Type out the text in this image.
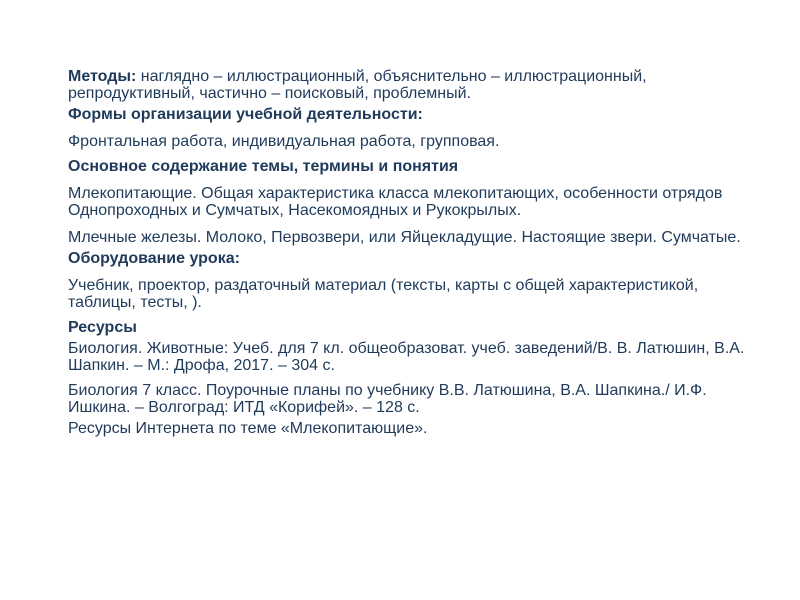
Методы: наглядно – иллюстрационный, объяснительно – иллюстрационный, репродуктивный, частично – поисковый, проблемный.

Формы организации учебной деятельности:

Фронтальная работа, индивидуальная работа, групповая.

Основное содержание темы, термины и понятия

Млекопитающие. Общая характеристика класса млекопитающих, особенности отрядов Однопроходных и Сумчатых, Насекомоядных и Рукокрылых.

Млечные железы. Молоко, Первозвери, или Яйцекладущие. Настоящие звери. Сумчатые.

Оборудование урока:

Учебник, проектор, раздаточный материал (тексты, карты с общей характеристикой, таблицы, тесты, ).

Ресурсы

Биология. Животные: Учеб. для 7 кл. общеобразоват. учеб. заведений/В. В. Латюшин, В.А. Шапкин. – М.: Дрофа, 2017. – 304 с.

Биология 7 класс. Поурочные планы по учебнику В.В. Латюшина, В.А. Шапкина./ И.Ф. Ишкина. – Волгоград: ИТД «Корифей». – 128 с.

Ресурсы Интернета по теме «Млекопитающие».
